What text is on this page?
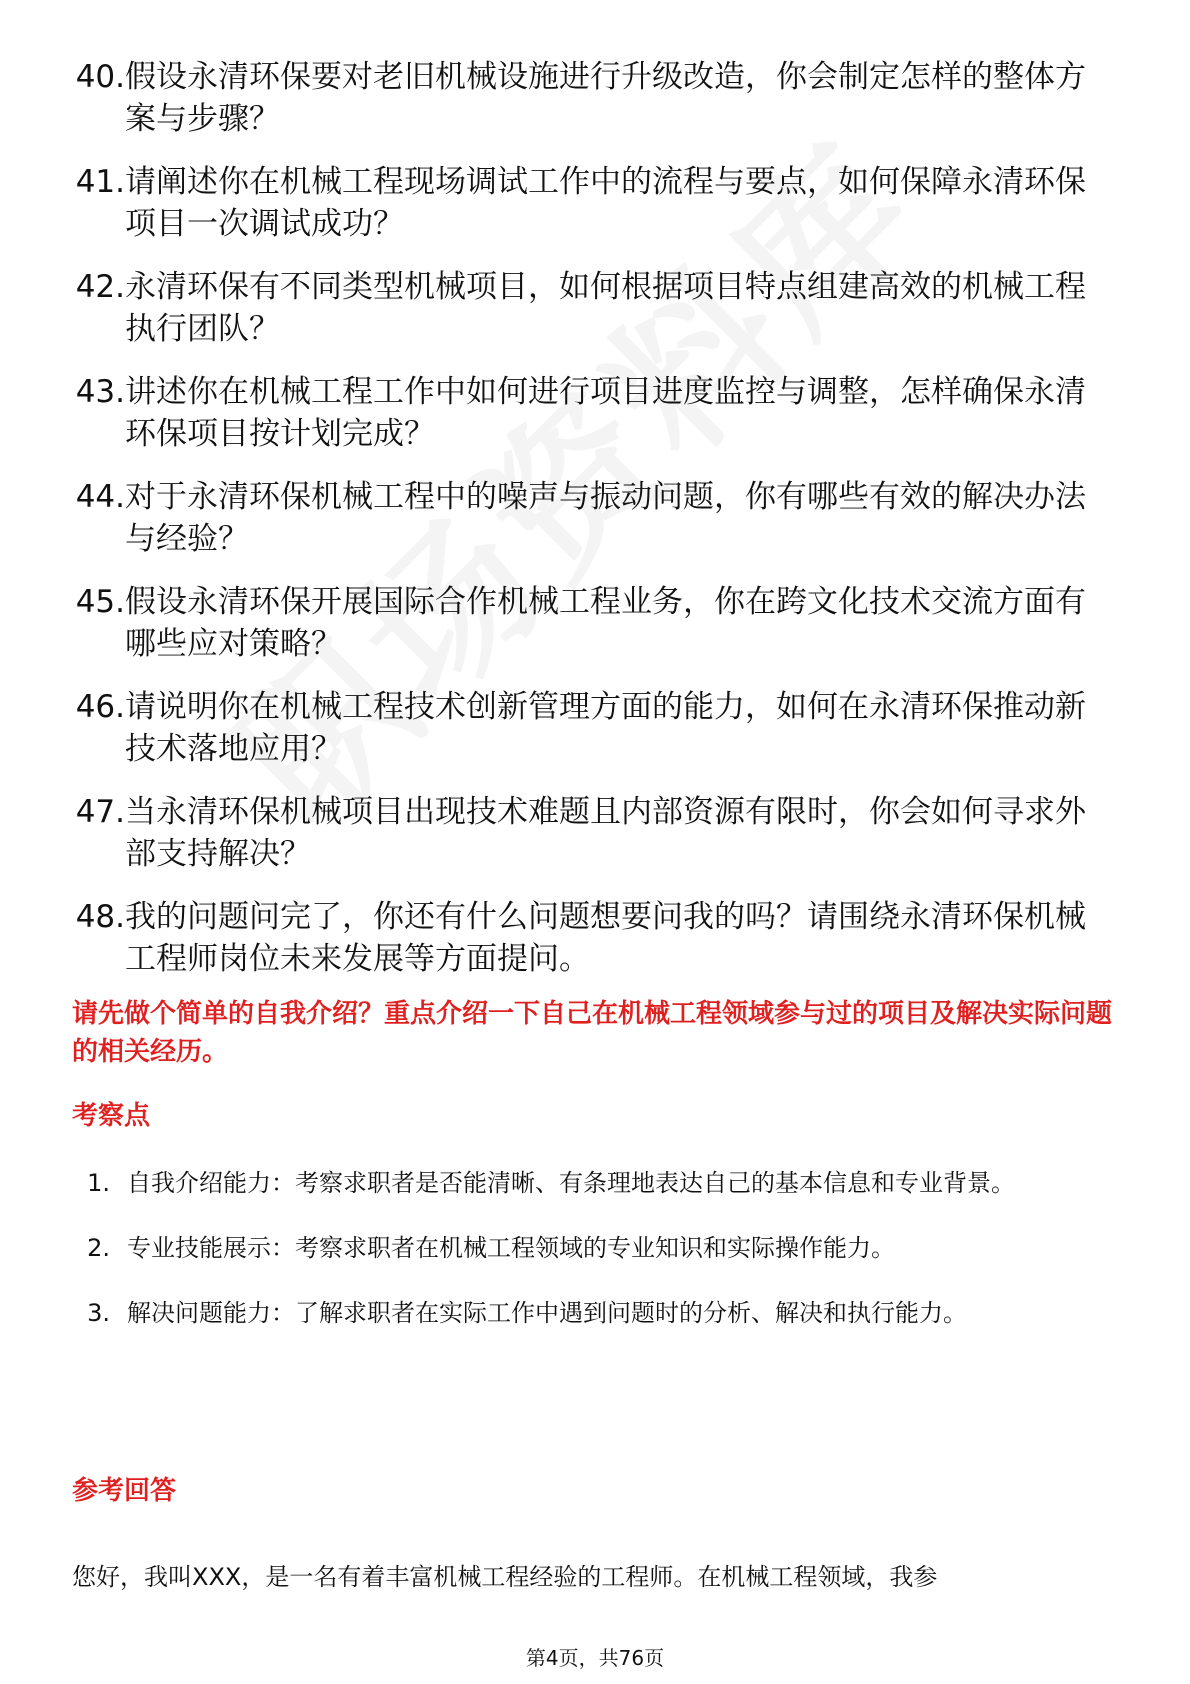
40. 假设永清环保要对老旧机械设施进行升级改造，你会制定怎样的整体方案与步骤？
41. 请阐述你在机械工程现场调试工作中的流程与要点，如何保障永清环保项目一次调试成功？
42. 永清环保有不同类型机械项目，如何根据项目特点组建高效的机械工程执行团队？
43. 讲述你在机械工程工作中如何进行项目进度监控与调整，怎样确保永清环保项目按计划完成？
44. 对于永清环保机械工程中的噪声与振动问题，你有哪些有效的解决办法与经验？
45. 假设永清环保开展国际合作机械工程业务，你在跨文化技术交流方面有哪些应对策略？
46. 请说明你在机械工程技术创新管理方面的能力，如何在永清环保推动新技术落地应用？
47. 当永清环保机械项目出现技术难题且内部资源有限时，你会如何寻求外部支持解决？
48. 我的问题问完了，你还有什么问题想要问我的吗？请围绕永清环保机械工程师岗位未来发展等方面提问。
请先做个简单的自我介绍？重点介绍一下自己在机械工程领域参与过的项目及解决实际问题的相关经历。
考察点
1. 自我介绍能力：考察求职者是否能清晰、有条理地表达自己的基本信息和专业背景。
2. 专业技能展示：考察求职者在机械工程领域的专业知识和实际操作能力。
3. 解决问题能力：了解求职者在实际工作中遇到问题时的分析、解决和执行能力。
参考回答
您好，我叫XXX，是一名有着丰富机械工程经验的工程师。在机械工程领域，我参
第4页，共76页
